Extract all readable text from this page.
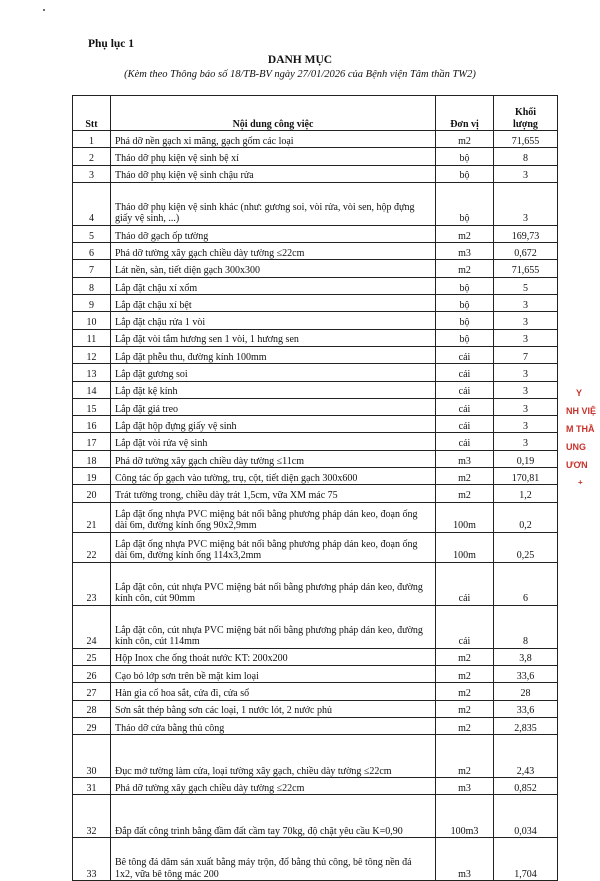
Phụ lục 1
DANH MỤC
(Kèm theo Thông báo số 18/TB-BV ngày 27/01/2026 của Bệnh viện Tâm thần TW2)
Stt	Nội dung công việc	Đơn vị	Khối
lượng

1	Phá dỡ nền gạch xi măng, gạch gốm các loại	m2	71,655
2	Tháo dỡ phụ kiện vệ sinh bệ xí	bộ	8
3	Tháo dỡ phụ kiện vệ sinh chậu rửa	bộ	3
4	Tháo dỡ phụ kiện vệ sinh khác (như: gương soi, vòi rửa, vòi sen, hộp đựng giấy vệ sinh, ...)	bộ	3
5	Tháo dỡ gạch ốp tường	m2	169,73
6	Phá dỡ tường xây gạch chiều dày tường ≤22cm	m3	0,672
7	Lát nền, sàn, tiết diện gạch 300x300	m2	71,655
8	Lắp đặt chậu xí xổm	bộ	5
9	Lắp đặt chậu xí bệt	bộ	3
10	Lắp đặt chậu rửa 1 vòi	bộ	3
11	Lắp đặt vòi tắm hương sen 1 vòi, 1 hương sen	bộ	3
12	Lắp đặt phễu thu, đường kính 100mm	cái	7
13	Lắp đặt gương soi	cái	3
14	Lắp đặt kệ kính	cái	3
15	Lắp đặt giá treo	cái	3
16	Lắp đặt hộp đựng giấy vệ sinh	cái	3
17	Lắp đặt vòi rửa vệ sinh	cái	3
18	Phá dỡ tường xây gạch chiều dày tường ≤11cm	m3	0,19
19	Công tác ốp gạch vào tường, trụ, cột, tiết diện gạch 300x600	m2	170,81
20	Trát tường trong, chiều dày trát 1,5cm, vữa XM mác 75	m2	1,2
21	Lắp đặt ống nhựa PVC miệng bát nối bằng phương pháp dán keo, đoạn ống dài 6m, đường kính ống 90x2,9mm	100m	0,2
22	Lắp đặt ống nhựa PVC miệng bát nối bằng phương pháp dán keo, đoạn ống dài 6m, đường kính ống 114x3,2mm	100m	0,25
23	Lắp đặt côn, cút nhựa PVC miệng bát nối bằng phương pháp dán keo, đường kính côn, cút 90mm	cái	6
24	Lắp đặt côn, cút nhựa PVC miệng bát nối bằng phương pháp dán keo, đường kính côn, cút 114mm	cái	8
25	Hộp Inox che ống thoát nước KT: 200x200	m2	3,8
26	Cạo bỏ lớp sơn trên bề mặt kim loại	m2	33,6
27	Hàn gia cố hoa sắt, cửa đi, cửa sổ	m2	28
28	Sơn sắt thép bằng sơn các loại, 1 nước lót, 2 nước phủ	m2	33,6
29	Tháo dỡ cửa bằng thủ công	m2	2,835
30	Đục mở tường làm cửa, loại tường xây gạch, chiều dày tường ≤22cm	m2	2,43
31	Phá dỡ tường xây gạch chiều dày tường ≤22cm	m3	0,852
32	Đắp đất công trình bằng đầm đất cầm tay 70kg, độ chặt yêu cầu K=0,90	100m3	0,034
33	Bê tông đá dăm sản xuất bằng máy trộn, đổ bằng thủ công, bê tông nền đá 1x2, vữa bê tông mác 200	m3	1,704
Y
NH VIỆ
M THẦ
UNG ƯƠN
+
